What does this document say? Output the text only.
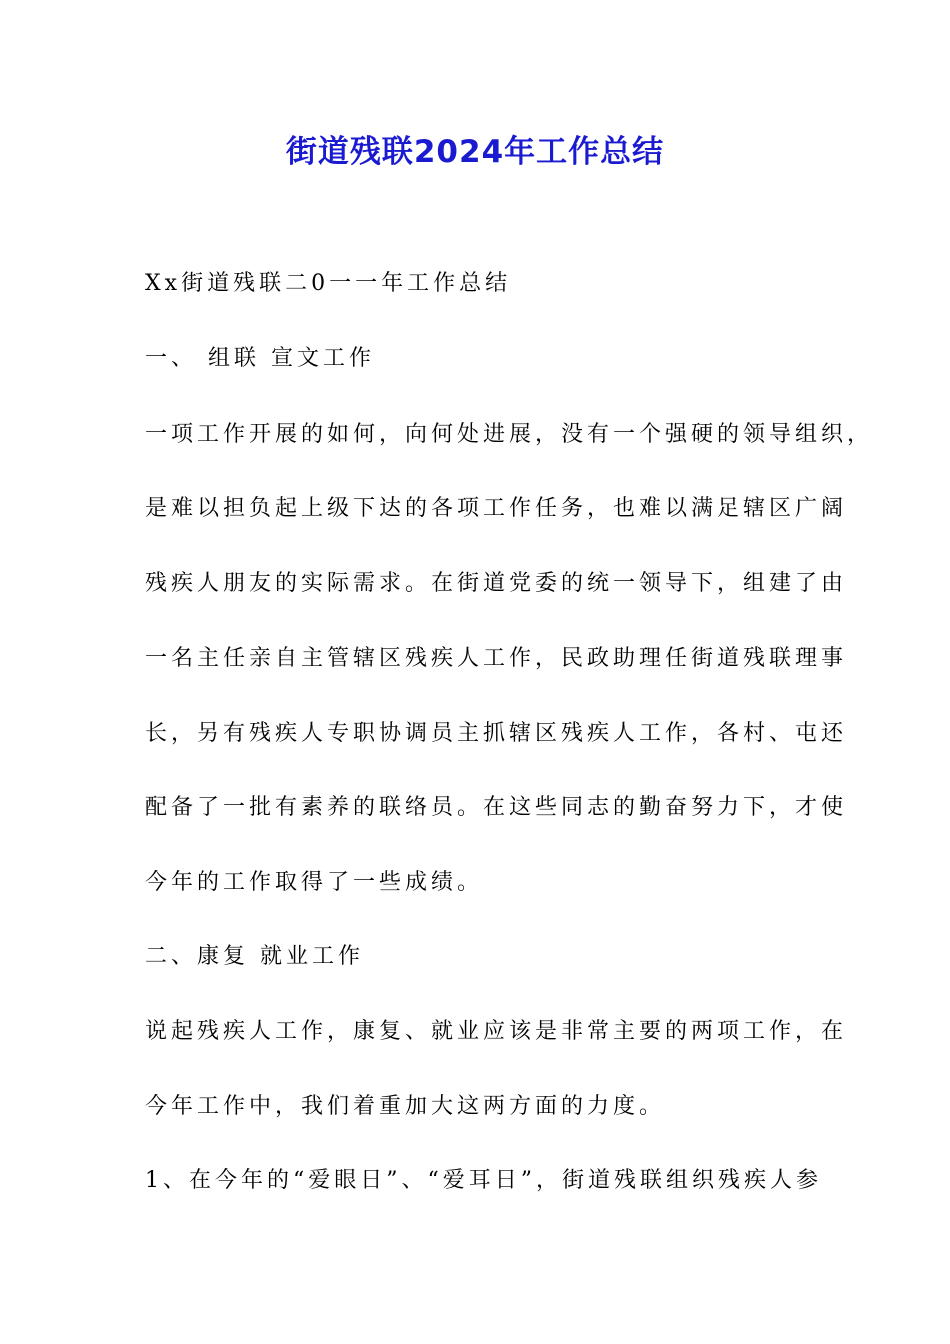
街道残联2024年工作总结

Xx街道残联二0一一年工作总结

一、 组联 宣文工作

一项工作开展的如何，向何处进展，没有一个强硬的领导组织，

是难以担负起上级下达的各项工作任务，也难以满足辖区广阔

残疾人朋友的实际需求。在街道党委的统一领导下，组建了由

一名主任亲自主管辖区残疾人工作，民政助理任街道残联理事

长，另有残疾人专职协调员主抓辖区残疾人工作，各村、屯还

配备了一批有素养的联络员。在这些同志的勤奋努力下，才使

今年的工作取得了一些成绩。

二、康复 就业工作

说起残疾人工作，康复、就业应该是非常主要的两项工作，在

今年工作中，我们着重加大这两方面的力度。

1、在今年的“爱眼日”、“爱耳日”，街道残联组织残疾人参
